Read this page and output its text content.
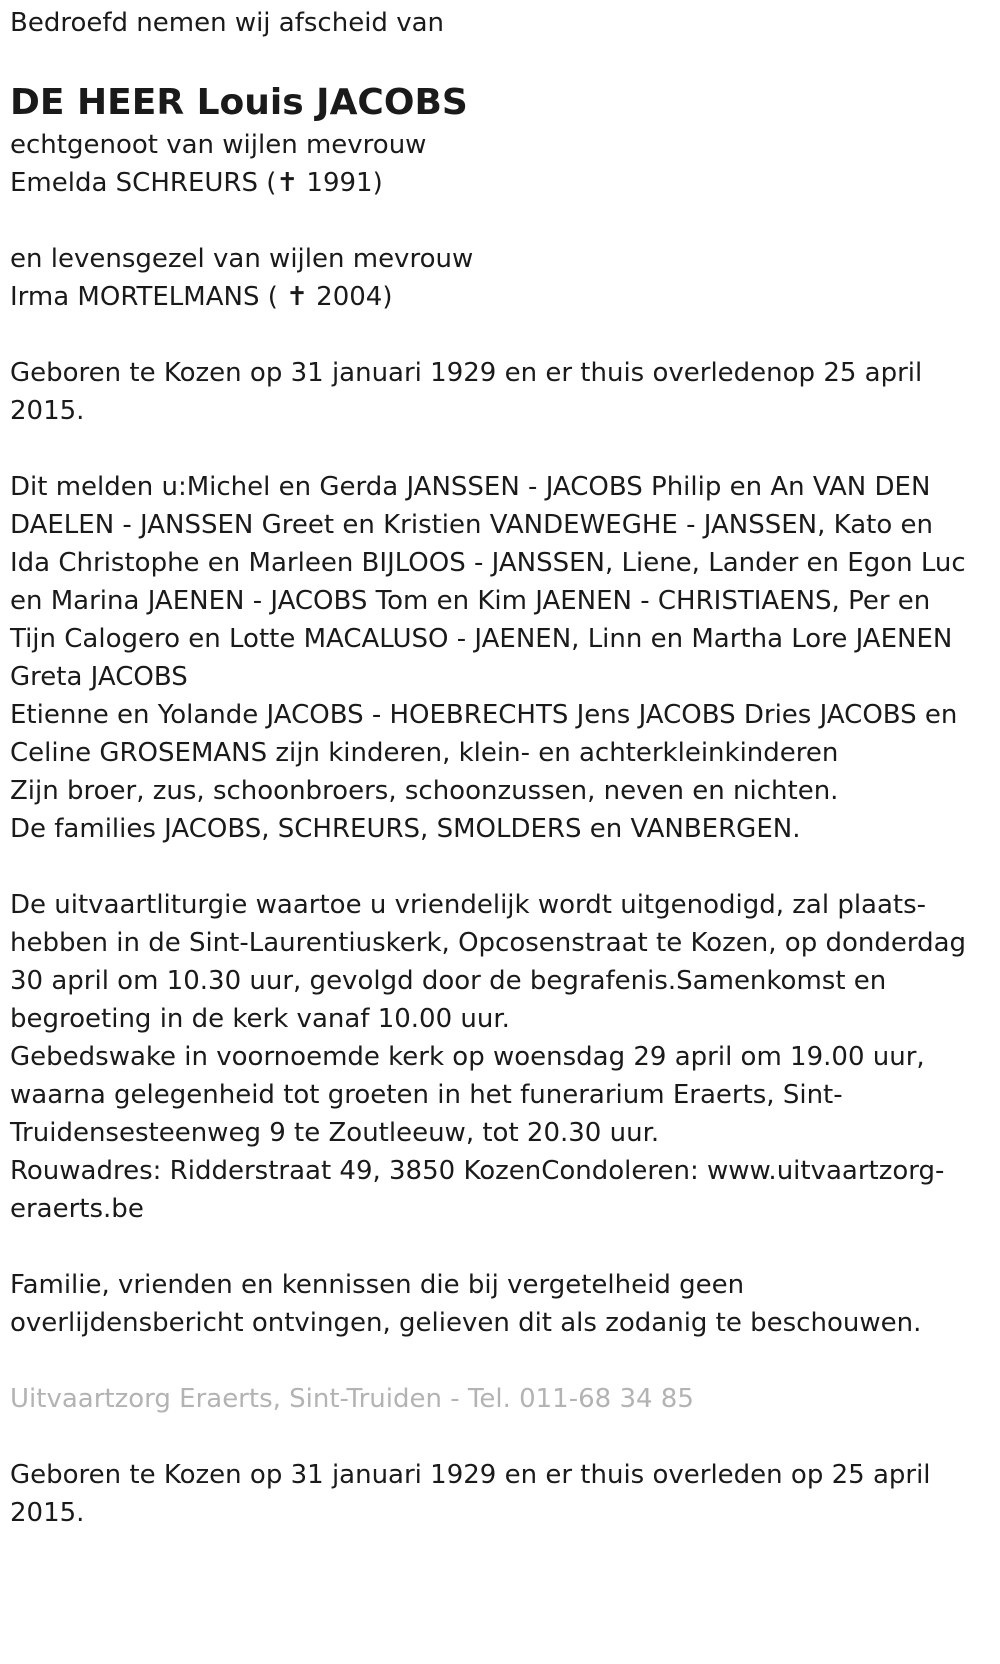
Bedroefd nemen wij afscheid van
DE HEER Louis JACOBS
echtgenoot van wijlen mevrouw
Emelda SCHREURS (✝ 1991)
en levensgezel van wijlen mevrouw
Irma MORTELMANS ( ✝ 2004)
Geboren te Kozen op 31 januari 1929 en er thuis overledenop 25 april 2015.
Dit melden u:Michel en Gerda JANSSEN - JACOBS Philip en An VAN DEN DAELEN - JANSSEN Greet en Kristien VANDEWEGHE - JANSSEN, Kato en Ida Christophe en Marleen BIJLOOS - JANSSEN, Liene, Lander en Egon Luc en Marina JAENEN - JACOBS Tom en Kim JAENEN - CHRISTIAENS, Per en Tijn Calogero en Lotte MACALUSO - JAENEN, Linn en Martha Lore JAENEN
Greta JACOBS
Etienne en Yolande JACOBS - HOEBRECHTS Jens JACOBS Dries JACOBS en Celine GROSEMANS zijn kinderen, klein- en achterkleinkinderen
Zijn broer, zus, schoonbroers, schoonzussen, neven en nichten.
De families JACOBS, SCHREURS, SMOLDERS en VANBERGEN.
De uitvaartliturgie waartoe u vriendelijk wordt uitgenodigd, zal plaats-hebben in de Sint-Laurentiuskerk, Opcosenstraat te Kozen, op donderdag 30 april om 10.30 uur, gevolgd door de begrafenis.Samenkomst en begroeting in de kerk vanaf 10.00 uur.
Gebedswake in voornoemde kerk op woensdag 29 april om 19.00 uur, waarna gelegenheid tot groeten in het funerarium Eraerts, Sint-Truidensesteenweg 9 te Zoutleeuw, tot 20.30 uur.
Rouwadres: Ridderstraat 49, 3850 KozenCondoleren: www.uitvaartzorg-eraerts.be
Familie, vrienden en kennissen die bij vergetelheid geen overlijdensbericht ontvingen, gelieven dit als zodanig te beschouwen.
Uitvaartzorg Eraerts, Sint-Truiden - Tel. 011-68 34 85
Geboren te Kozen op 31 januari 1929 en er thuis overleden op 25 april 2015.
